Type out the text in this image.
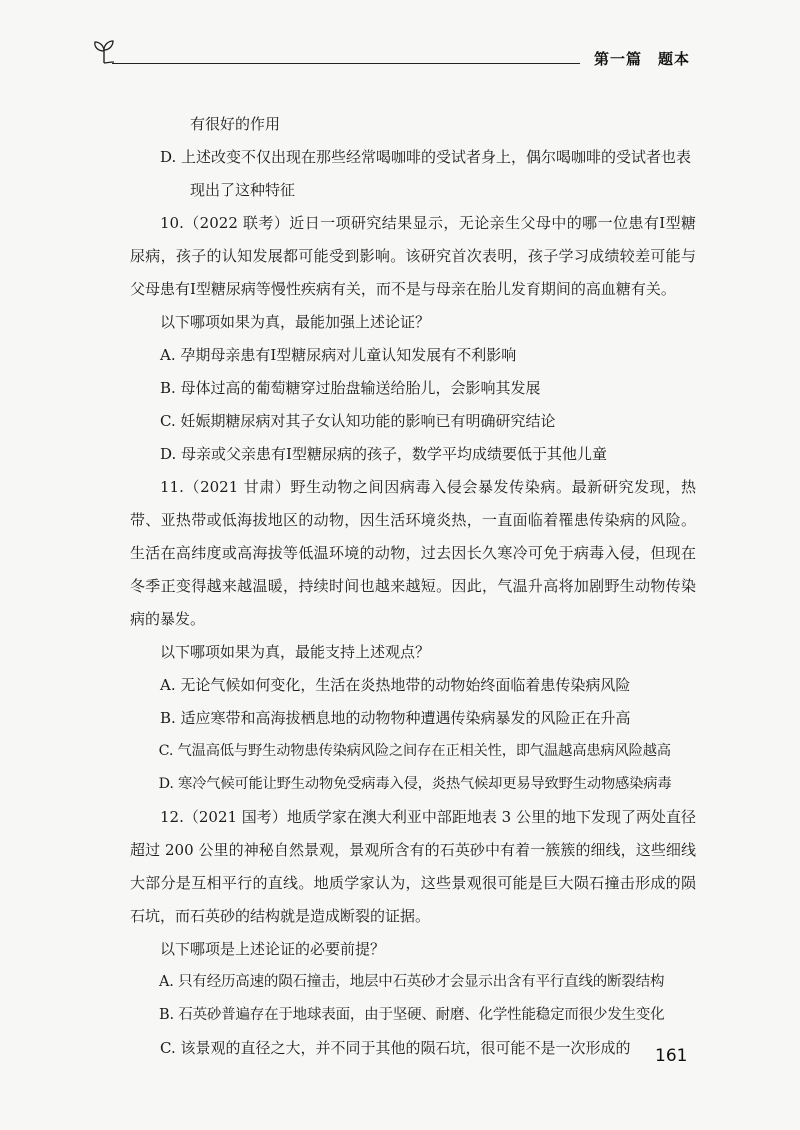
第一篇　题本

有很好的作用

D. 上述改变不仅出现在那些经常喝咖啡的受试者身上，偶尔喝咖啡的受试者也表

现出了这种特征

10.（2022 联考）近日一项研究结果显示，无论亲生父母中的哪一位患有Ⅰ型糖尿病，孩子的认知发展都可能受到影响。该研究首次表明，孩子学习成绩较差可能与父母患有Ⅰ型糖尿病等慢性疾病有关，而不是与母亲在胎儿发育期间的高血糖有关。

以下哪项如果为真，最能加强上述论证？

A. 孕期母亲患有Ⅰ型糖尿病对儿童认知发展有不利影响

B. 母体过高的葡萄糖穿过胎盘输送给胎儿，会影响其发展

C. 妊娠期糖尿病对其子女认知功能的影响已有明确研究结论

D. 母亲或父亲患有Ⅰ型糖尿病的孩子，数学平均成绩要低于其他儿童

11.（2021 甘肃）野生动物之间因病毒入侵会暴发传染病。最新研究发现，热带、亚热带或低海拔地区的动物，因生活环境炎热，一直面临着罹患传染病的风险。生活在高纬度或高海拔等低温环境的动物，过去因长久寒冷可免于病毒入侵，但现在冬季正变得越来越温暖，持续时间也越来越短。因此，气温升高将加剧野生动物传染病的暴发。

以下哪项如果为真，最能支持上述观点？

A. 无论气候如何变化，生活在炎热地带的动物始终面临着患传染病风险

B. 适应寒带和高海拔栖息地的动物物种遭遇传染病暴发的风险正在升高

C. 气温高低与野生动物患传染病风险之间存在正相关性，即气温越高患病风险越高

D. 寒冷气候可能让野生动物免受病毒入侵，炎热气候却更易导致野生动物感染病毒

12.（2021 国考）地质学家在澳大利亚中部距地表 3 公里的地下发现了两处直径超过 200 公里的神秘自然景观，景观所含有的石英砂中有着一簇簇的细线，这些细线大部分是互相平行的直线。地质学家认为，这些景观很可能是巨大陨石撞击形成的陨石坑，而石英砂的结构就是造成断裂的证据。

以下哪项是上述论证的必要前提？

A. 只有经历高速的陨石撞击，地层中石英砂才会显示出含有平行直线的断裂结构

B. 石英砂普遍存在于地球表面，由于坚硬、耐磨、化学性能稳定而很少发生变化

C. 该景观的直径之大，并不同于其他的陨石坑，很可能不是一次形成的	161
